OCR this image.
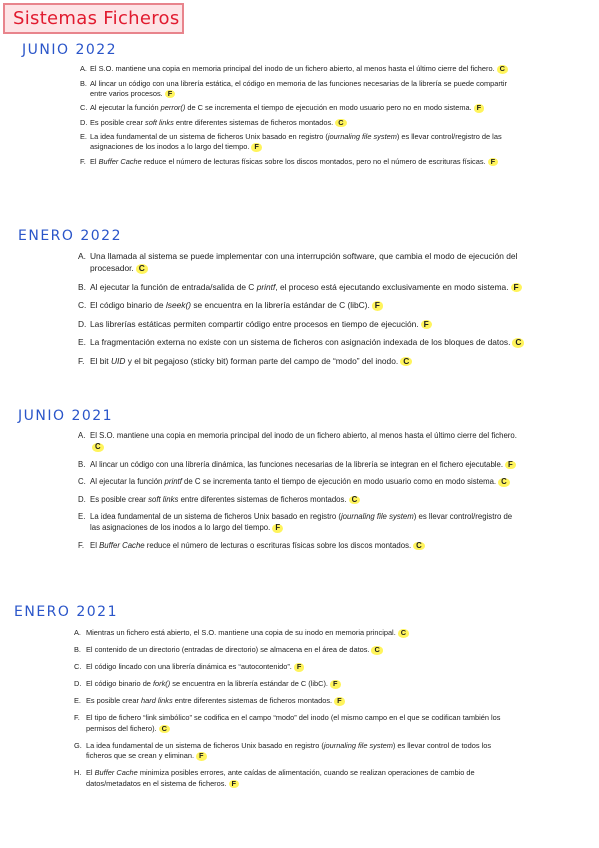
Sistemas Ficheros
JUNIO 2022
A. El S.O. mantiene una copia en memoria principal del inodo de un fichero abierto, al menos hasta el último cierre del fichero. C
B. Al lincar un código con una librería estática, el código en memoria de las funciones necesarias de la librería se puede compartir entre varios procesos. F
C. Al ejecutar la función perror() de C se incrementa el tiempo de ejecución en modo usuario pero no en modo sistema. F
D. Es posible crear soft links entre diferentes sistemas de ficheros montados. C
E. La idea fundamental de un sistema de ficheros Unix basado en registro (journaling file system) es llevar control/registro de las asignaciones de los inodos a lo largo del tiempo. F
F. El Buffer Cache reduce el número de lecturas físicas sobre los discos montados, pero no el número de escrituras físicas. F
ENERO 2022
A. Una llamada al sistema se puede implementar con una interrupción software, que cambia el modo de ejecución del procesador. C
B. Al ejecutar la función de entrada/salida de C printf, el proceso está ejecutando exclusivamente en modo sistema. F
C. El código binario de lseek() se encuentra en la librería estándar de C (libC). F
D. Las librerías estáticas permiten compartir código entre procesos en tiempo de ejecución. F
E. La fragmentación externa no existe con un sistema de ficheros con asignación indexada de los bloques de datos. C
F. El bit UID y el bit pegajoso (sticky bit) forman parte del campo de “modo” del inodo. C
JUNIO 2021
A. El S.O. mantiene una copia en memoria principal del inodo de un fichero abierto, al menos hasta el último cierre del fichero.C
B. Al lincar un código con una librería dinámica, las funciones necesarias de la librería se integran en el fichero ejecutable. F
C. Al ejecutar la función printf de C se incrementa tanto el tiempo de ejecución en modo usuario como en modo sistema. C
D. Es posible crear soft links entre diferentes sistemas de ficheros montados. C
E. La idea fundamental de un sistema de ficheros Unix basado en registro (journaling file system) es llevar control/registro de las asignaciones de los inodos a lo largo del tiempo. F
F. El Buffer Cache reduce el número de lecturas o escrituras físicas sobre los discos montados. C
ENERO 2021
A. Mientras un fichero está abierto, el S.O. mantiene una copia de su inodo en memoria principal. C
B. El contenido de un directorio (entradas de directorio) se almacena en el área de datos. C
C. El código lincado con una librería dinámica es “autocontenido”. F
D. El código binario de fork() se encuentra en la librería estándar de C (libC). F
E. Es posible crear hard links entre diferentes sistemas de ficheros montados. F
F. El tipo de fichero “link simbólico” se codifica en el campo “modo” del inodo (el mismo campo en el que se codifican también los permisos del fichero). C
G. La idea fundamental de un sistema de ficheros Unix basado en registro (journaling file system) es llevar control de todos los ficheros que se crean y eliminan. F
H. El Buffer Cache minimiza posibles errores, ante caídas de alimentación, cuando se realizan operaciones de cambio de datos/metadatos en el sistema de ficheros. F
